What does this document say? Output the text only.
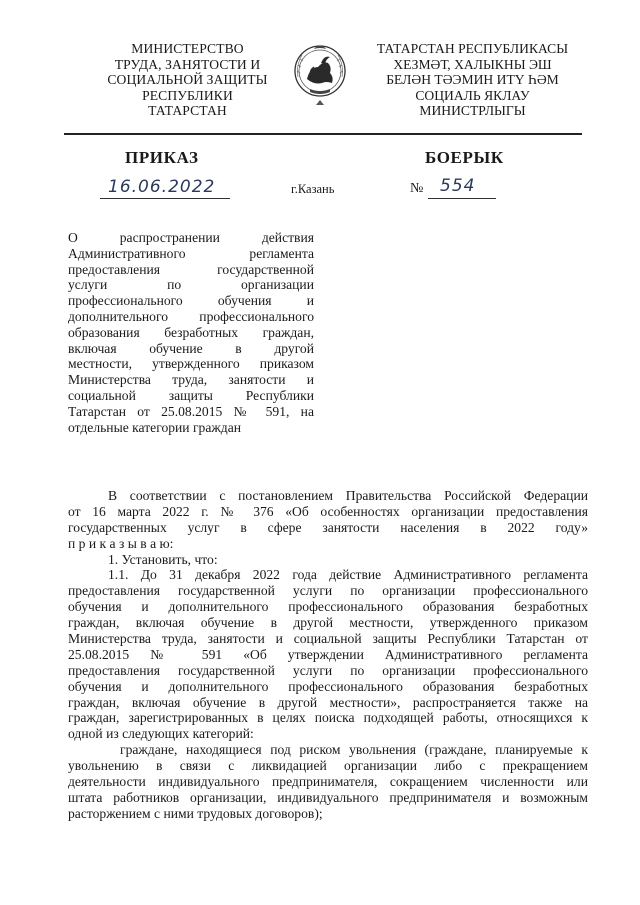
МИНИСТЕРСТВО
ТРУДА, ЗАНЯТОСТИ И
СОЦИАЛЬНОЙ ЗАЩИТЫ
РЕСПУБЛИКИ
ТАТАРСТАН
ТАТАРСТАН РЕСПУБЛИКАСЫ
ХЕЗМӘТ, ХАЛЫКНЫ ЭШ
БЕЛӘН ТӘЭМИН ИТҮ ҺӘМ
СОЦИАЛЬ ЯКЛАУ
МИНИСТРЛЫГЫ
ПРИКАЗ	БОЕРЫК
16.06.2022	г.Казань	№ 554
О распространении действия
Административного регламента
предоставления государственной
услуги по организации
профессионального обучения и
дополнительного профессионального
образования безработных граждан,
включая обучение в другой
местности, утвержденного приказом
Министерства труда, занятости и
социальной защиты Республики
Татарстан от 25.08.2015 № 591, на
отдельные категории граждан
В соответствии с постановлением Правительства Российской Федерации
от 16 марта 2022 г. № 376 «Об особенностях организации предоставления
государственных услуг в сфере занятости населения в 2022 году»
п р и к а з ы в а ю:
1. Установить, что:
1.1. До 31 декабря 2022 года действие Административного регламента
предоставления государственной услуги по организации профессионального
обучения и дополнительного профессионального образования безработных
граждан, включая обучение в другой местности, утвержденного приказом
Министерства труда, занятости и социальной защиты Республики Татарстан от
25.08.2015 № 591 «Об утверждении Административного регламента
предоставления государственной услуги по организации профессионального
обучения и дополнительного профессионального образования безработных
граждан, включая обучение в другой местности», распространяется также на
граждан, зарегистрированных в целях поиска подходящей работы, относящихся к
одной из следующих категорий:
граждане, находящиеся под риском увольнения (граждане, планируемые к
увольнению в связи с ликвидацией организации либо с прекращением
деятельности индивидуального предпринимателя, сокращением численности или
штата работников организации, индивидуального предпринимателя и возможным
расторжением с ними трудовых договоров);
